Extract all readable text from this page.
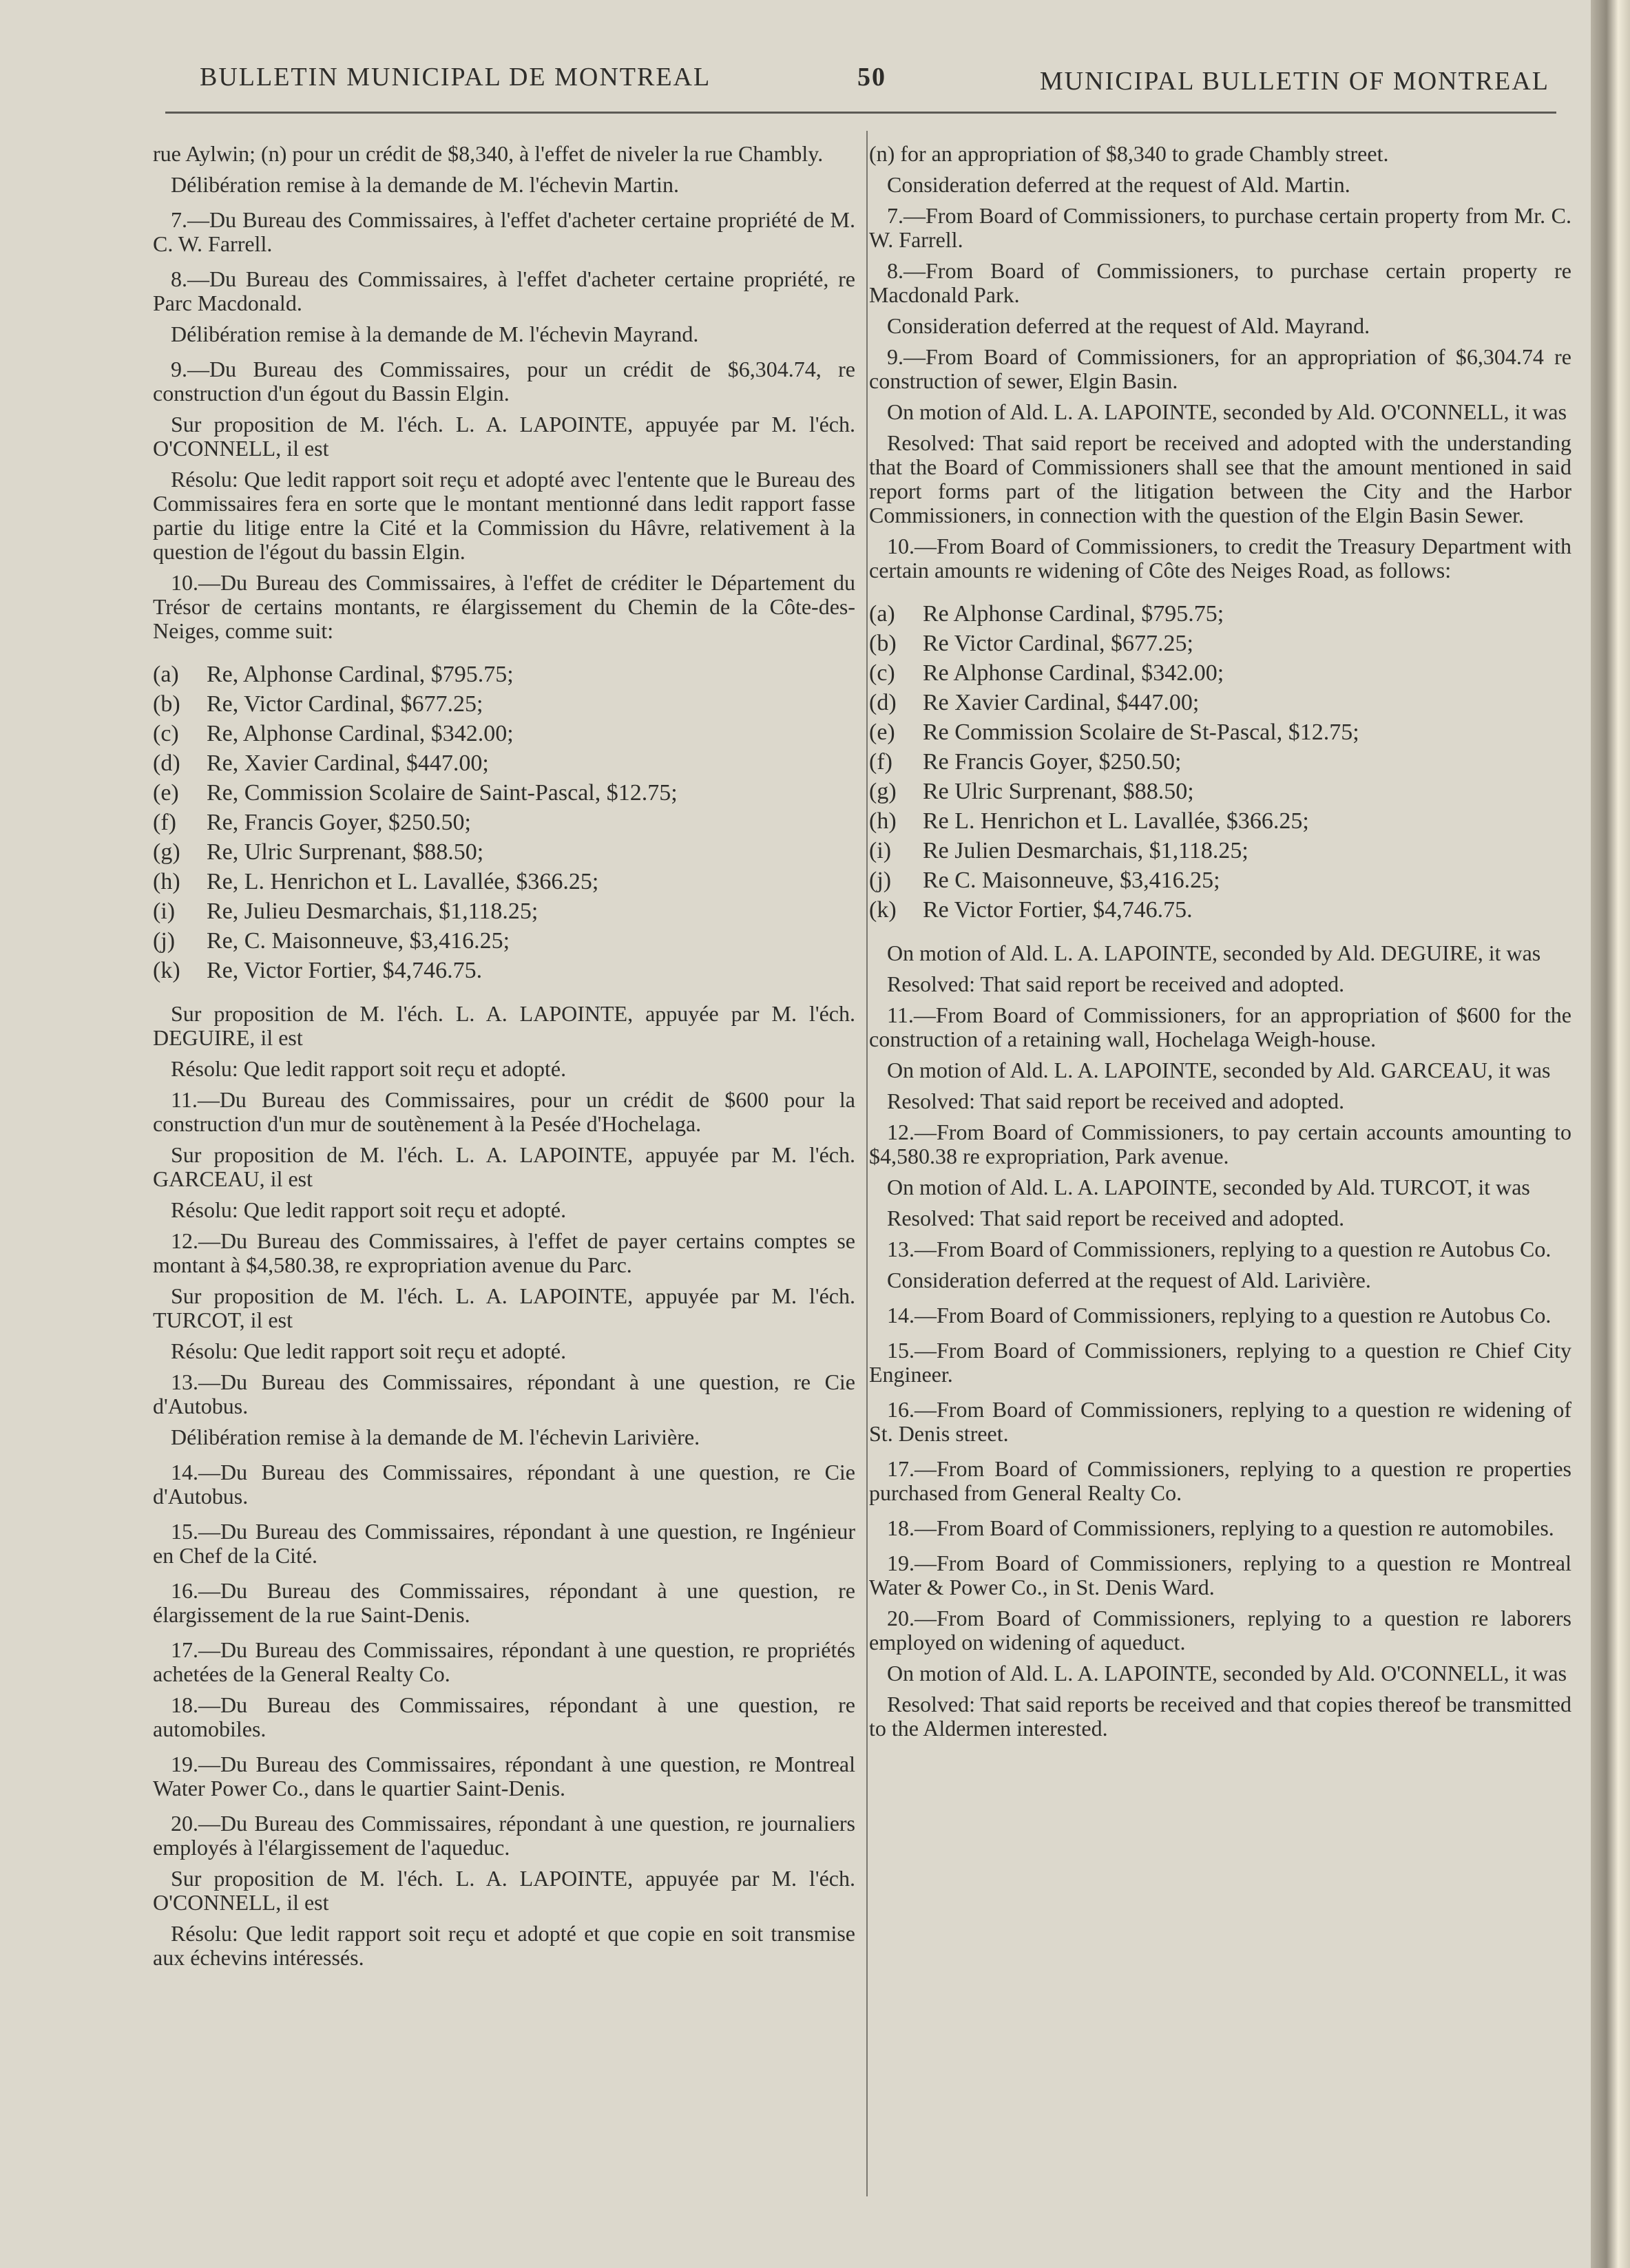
BULLETIN MUNICIPAL DE MONTREAL	50	MUNICIPAL BULLETIN OF MONTREAL

rue Aylwin; (n) pour un crédit de $8,340, à l'effet de niveler la rue Chambly.

Délibération remise à la demande de M. l'échevin Martin.

7.—Du Bureau des Commissaires, à l'effet d'acheter certaine propriété de M. C. W. Farrell.

8.—Du Bureau des Commissaires, à l'effet d'acheter certaine propriété, re Parc Macdonald.

Délibération remise à la demande de M. l'échevin Mayrand.

9.—Du Bureau des Commissaires, pour un crédit de $6,304.74, re construction d'un égout du Bassin Elgin.

Sur proposition de M. l'éch. L. A. LAPOINTE, appuyée par M. l'éch. O'CONNELL, il est

Résolu: Que ledit rapport soit reçu et adopté avec l'entente que le Bureau des Commissaires fera en sorte que le montant mentionné dans ledit rapport fasse partie du litige entre la Cité et la Commission du Hâvre, relativement à la question de l'égout du bassin Elgin.

10.—Du Bureau des Commissaires, à l'effet de créditer le Département du Trésor de certains montants, re élargissement du Chemin de la Côte-des-Neiges, comme suit:

(a)	Re, Alphonse Cardinal, $795.75;
(b)	Re, Victor Cardinal, $677.25;
(c)	Re, Alphonse Cardinal, $342.00;
(d)	Re, Xavier Cardinal, $447.00;
(e)	Re, Commission Scolaire de Saint-Pascal, $12.75;
(f)	Re, Francis Goyer, $250.50;
(g)	Re, Ulric Surprenant, $88.50;
(h)	Re, L. Henrichon et L. Lavallée, $366.25;
(i)	Re, Julieu Desmarchais, $1,118.25;
(j)	Re, C. Maisonneuve, $3,416.25;
(k)	Re, Victor Fortier, $4,746.75.

Sur proposition de M. l'éch. L. A. LAPOINTE, appuyée par M. l'éch. DEGUIRE, il est

Résolu: Que ledit rapport soit reçu et adopté.

11.—Du Bureau des Commissaires, pour un crédit de $600 pour la construction d'un mur de soutènement à la Pesée d'Hochelaga.

Sur proposition de M. l'éch. L. A. LAPOINTE, appuyée par M. l'éch. GARCEAU, il est

Résolu: Que ledit rapport soit reçu et adopté.

12.—Du Bureau des Commissaires, à l'effet de payer certains comptes se montant à $4,580.38, re expropriation avenue du Parc.

Sur proposition de M. l'éch. L. A. LAPOINTE, appuyée par M. l'éch. TURCOT, il est

Résolu: Que ledit rapport soit reçu et adopté.

13.—Du Bureau des Commissaires, répondant à une question, re Cie d'Autobus.

Délibération remise à la demande de M. l'échevin Larivière.

14.—Du Bureau des Commissaires, répondant à une question, re Cie d'Autobus.

15.—Du Bureau des Commissaires, répondant à une question, re Ingénieur en Chef de la Cité.

16.—Du Bureau des Commissaires, répondant à une question, re élargissement de la rue Saint-Denis.

17.—Du Bureau des Commissaires, répondant à une question, re propriétés achetées de la General Realty Co.

18.—Du Bureau des Commissaires, répondant à une question, re automobiles.

19.—Du Bureau des Commissaires, répondant à une question, re Montreal Water Power Co., dans le quartier Saint-Denis.

20.—Du Bureau des Commissaires, répondant à une question, re journaliers employés à l'élargissement de l'aqueduc.

Sur proposition de M. l'éch. L. A. LAPOINTE, appuyée par M. l'éch. O'CONNELL, il est

Résolu: Que ledit rapport soit reçu et adopté et que copie en soit transmise aux échevins intéressés.

(n) for an appropriation of $8,340 to grade Chambly street.

Consideration deferred at the request of Ald. Martin.

7.—From Board of Commissioners, to purchase certain property from Mr. C. W. Farrell.

8.—From Board of Commissioners, to purchase certain property re Macdonald Park.

Consideration deferred at the request of Ald. Mayrand.

9.—From Board of Commissioners, for an appropriation of $6,304.74 re construction of sewer, Elgin Basin.

On motion of Ald. L. A. LAPOINTE, seconded by Ald. O'CONNELL, it was

Resolved: That said report be received and adopted with the understanding that the Board of Commissioners shall see that the amount mentioned in said report forms part of the litigation between the City and the Harbor Commissioners, in connection with the question of the Elgin Basin Sewer.

10.—From Board of Commissioners, to credit the Treasury Department with certain amounts re widening of Côte des Neiges Road, as follows:

(a)	Re Alphonse Cardinal, $795.75;
(b)	Re Victor Cardinal, $677.25;
(c)	Re Alphonse Cardinal, $342.00;
(d)	Re Xavier Cardinal, $447.00;
(e)	Re Commission Scolaire de St-Pascal, $12.75;
(f)	Re Francis Goyer, $250.50;
(g)	Re Ulric Surprenant, $88.50;
(h)	Re L. Henrichon et L. Lavallée, $366.25;
(i)	Re Julien Desmarchais, $1,118.25;
(j)	Re C. Maisonneuve, $3,416.25;
(k)	Re Victor Fortier, $4,746.75.

On motion of Ald. L. A. LAPOINTE, seconded by Ald. DEGUIRE, it was

Resolved: That said report be received and adopted.

11.—From Board of Commissioners, for an appropriation of $600 for the construction of a retaining wall, Hochelaga Weigh-house.

On motion of Ald. L. A. LAPOINTE, seconded by Ald. GARCEAU, it was

Resolved: That said report be received and adopted.

12.—From Board of Commissioners, to pay certain accounts amounting to $4,580.38 re expropriation, Park avenue.

On motion of Ald. L. A. LAPOINTE, seconded by Ald. TURCOT, it was

Resolved: That said report be received and adopted.

13.—From Board of Commissioners, replying to a question re Autobus Co.

Consideration deferred at the request of Ald. Larivière.

14.—From Board of Commissioners, replying to a question re Autobus Co.

15.—From Board of Commissioners, replying to a question re Chief City Engineer.

16.—From Board of Commissioners, replying to a question re widening of St. Denis street.

17.—From Board of Commissioners, replying to a question re properties purchased from General Realty Co.

18.—From Board of Commissioners, replying to a question re automobiles.

19.—From Board of Commissioners, replying to a question re Montreal Water & Power Co., in St. Denis Ward.

20.—From Board of Commissioners, replying to a question re laborers employed on widening of aqueduct.

On motion of Ald. L. A. LAPOINTE, seconded by Ald. O'CONNELL, it was

Resolved: That said reports be received and that copies thereof be transmitted to the Aldermen interested.
